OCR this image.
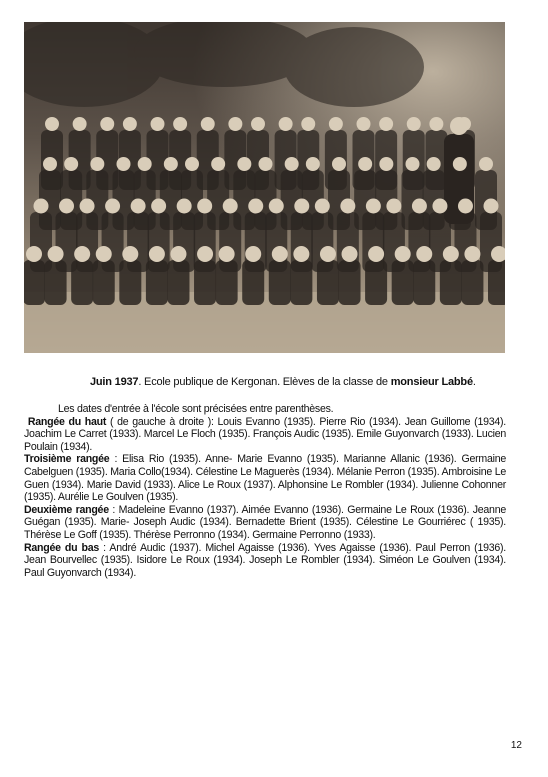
Juin 1937. Ecole publique de Kergonan. Elèves de la classe de monsieur Labbé.

Les dates d'entrée à l'école sont précisées entre parenthèses.

Rangée du haut ( de gauche à droite ): Louis Evanno (1935). Pierre Rio (1934). Jean Guillome (1934). Joachim Le Carret (1933). Marcel Le Floch (1935). François Audic (1935). Emile Guyonvarch (1933). Lucien Poulain (1934).

Troisième rangée : Elisa Rio (1935). Anne- Marie Evanno (1935). Marianne Allanic (1936). Germaine Cabelguen (1935). Maria Collo(1934). Célestine Le Maguerès (1934). Mélanie Perron (1935). Ambroisine Le Guen (1934). Marie David (1933). Alice Le Roux (1937). Alphonsine Le Rombler (1934). Julienne Cohonner (1935). Aurélie Le Goulven (1935).

Deuxième rangée : Madeleine Evanno (1937). Aimée Evanno (1936). Germaine Le Roux (1936). Jeanne Guégan (1935). Marie- Joseph Audic (1934). Bernadette Brient (1935). Célestine Le Gourriérec ( 1935). Thérèse Le Goff (1935). Thérèse Perronno (1934). Germaine Perronno (1933).

Rangée du bas : André Audic (1937). Michel Agaisse (1936). Yves Agaisse (1936). Paul Perron (1936). Jean Bourvellec (1935). Isidore Le Roux (1934). Joseph Le Rombler (1934). Siméon Le Goulven (1934). Paul Guyonvarch (1934).

12
